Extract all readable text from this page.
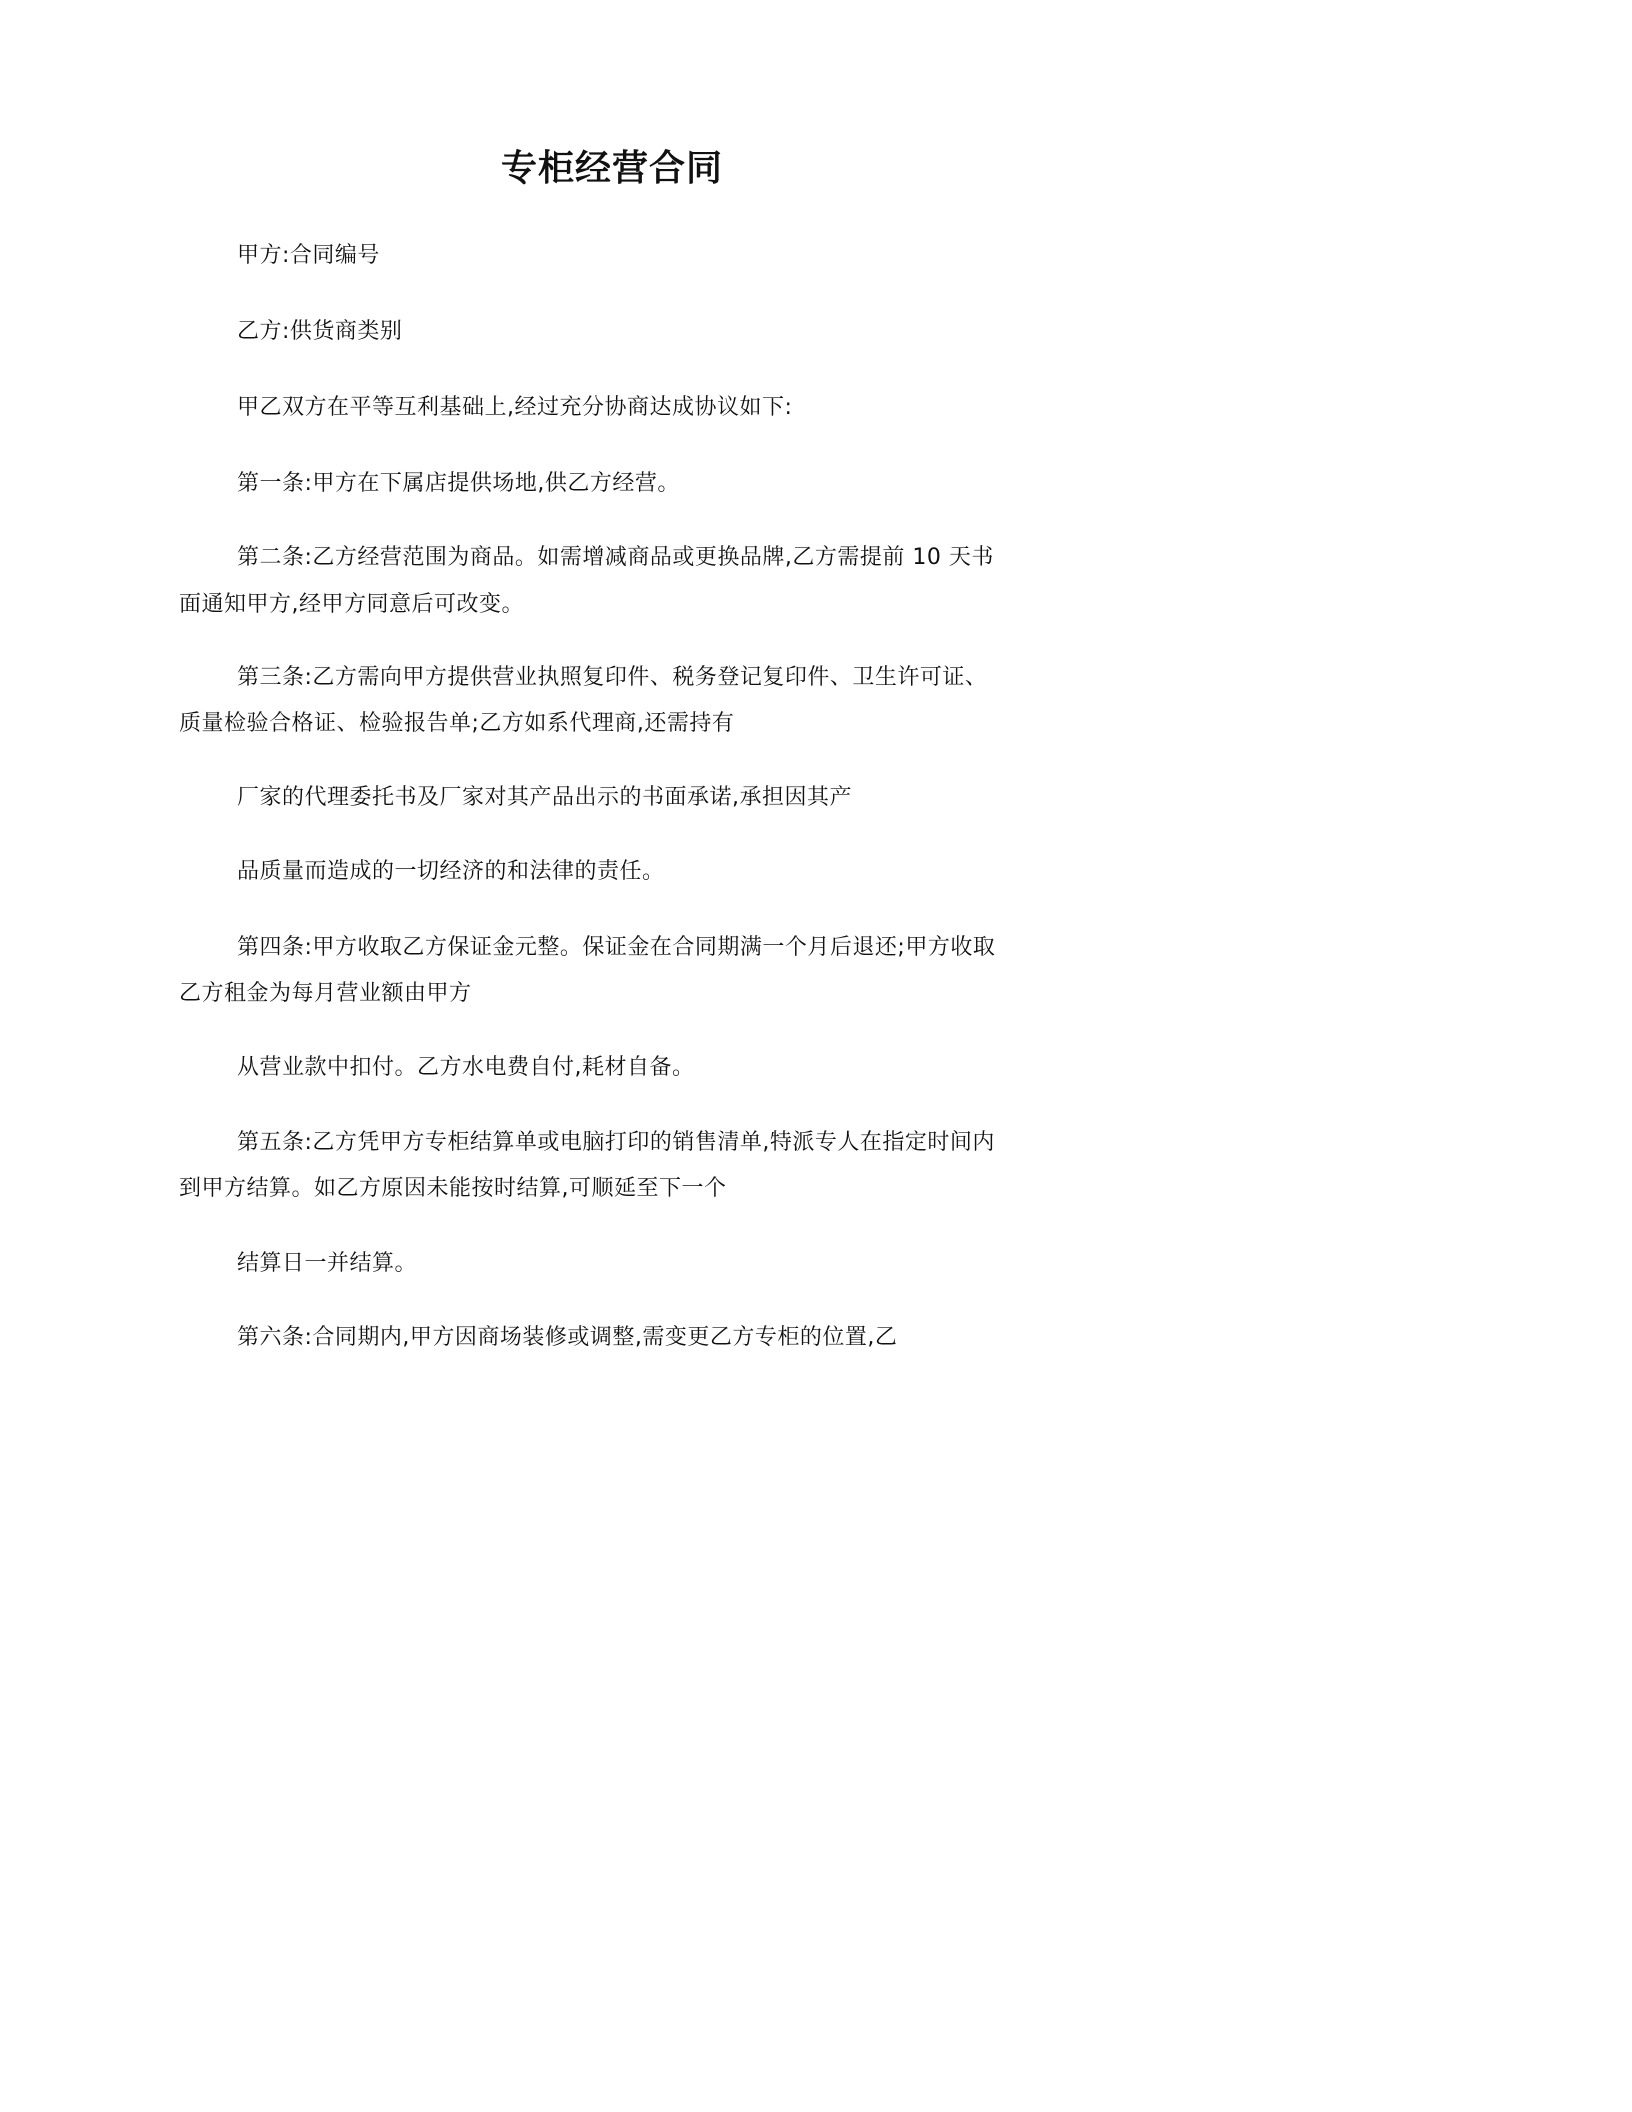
专柜经营合同
甲方:合同编号
乙方:供货商类别
甲乙双方在平等互利基础上,经过充分协商达成协议如下:
第一条:甲方在下属店提供场地,供乙方经营。
第二条:乙方经营范围为商品。如需增减商品或更换品牌,乙方需提前 10 天书
面通知甲方,经甲方同意后可改变。
第三条:乙方需向甲方提供营业执照复印件、税务登记复印件、卫生许可证、
质量检验合格证、检验报告单;乙方如系代理商,还需持有
厂家的代理委托书及厂家对其产品出示的书面承诺,承担因其产
品质量而造成的一切经济的和法律的责任。
第四条:甲方收取乙方保证金元整。保证金在合同期满一个月后退还;甲方收取
乙方租金为每月营业额由甲方
从营业款中扣付。乙方水电费自付,耗材自备。
第五条:乙方凭甲方专柜结算单或电脑打印的销售清单,特派专人在指定时间内
到甲方结算。如乙方原因未能按时结算,可顺延至下一个
结算日一并结算。
第六条:合同期内,甲方因商场装修或调整,需变更乙方专柜的位置,乙
